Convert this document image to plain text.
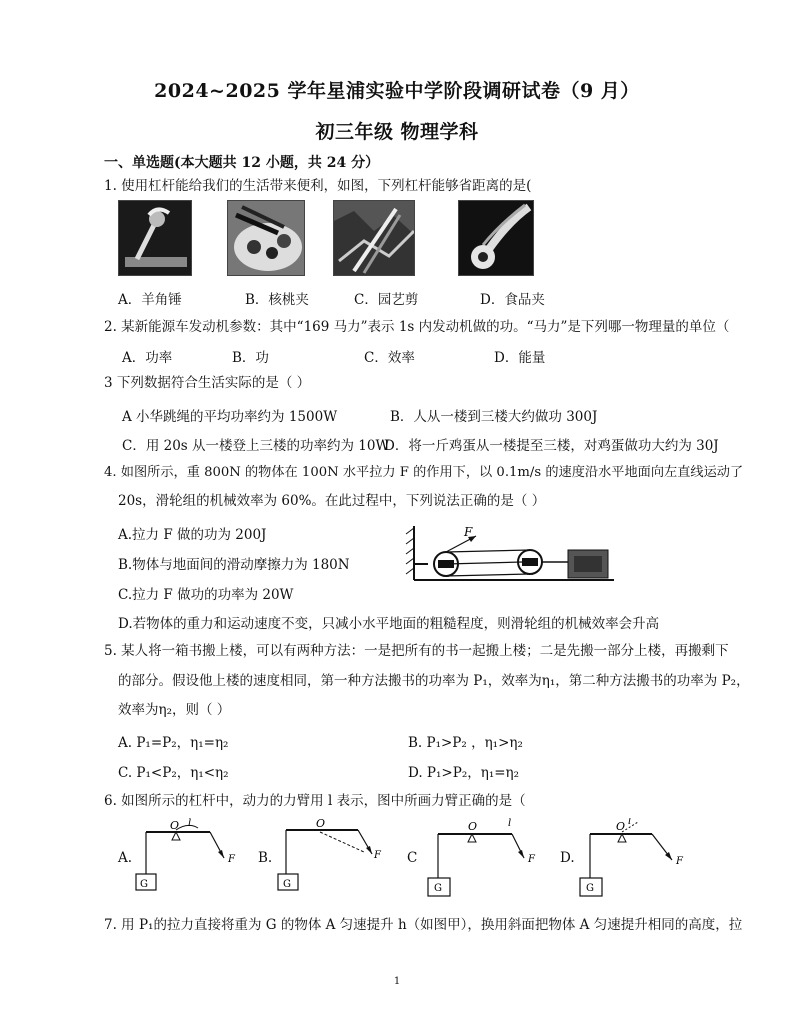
2024~2025 学年星浦实验中学阶段调研试卷（9 月）
初三年级 物理学科
一、单选题(本大题共 12 小题，共 24 分）
1. 使用杠杆能给我们的生活带来便利，如图，下列杠杆能够省距离的是(
A．羊角锤	B．核桃夹	C．园艺剪	D．食品夹
2. 某新能源车发动机参数：其中“169 马力”表示 1s 内发动机做的功。“马力”是下列哪一物理量的单位（
A．功率	B．功	C．效率	D．能量
3 下列数据符合生活实际的是（ ）
A 小华跳绳的平均功率约为 1500W	B．人从一楼到三楼大约做功 300J
C．用 20s 从一楼登上三楼的功率约为 10W
D．将一斤鸡蛋从一楼提至三楼，对鸡蛋做功大约为 30J
4. 如图所示，重 800N 的物体在 100N 水平拉力 F 的作用下，以 0.1m/s 的速度沿水平地面向左直线运动了
20s，滑轮组的机械效率为 60%。在此过程中，下列说法正确的是（ ）
A.拉力 F 做的功为 200J
B.物体与地面间的滑动摩擦力为 180N
C.拉力 F 做功的功率为 20W
D.若物体的重力和运动速度不变，只减小水平地面的粗糙程度，则滑轮组的机械效率会升高
F
5. 某人将一箱书搬上楼，可以有两种方法：一是把所有的书一起搬上楼；二是先搬一部分上楼，再搬剩下
的部分。假设他上楼的速度相同，第一种方法搬书的功率为 P₁，效率为η₁，第二种方法搬书的功率为 P₂，
效率为η₂，则（ ）
A. P₁=P₂，η₁=η₂	B. P₁>P₂ ，η₁>η₂
C. P₁<P₂，η₁<η₂	D. P₁>P₂，η₁=η₂
6. 如图所示的杠杆中，动力的力臂用 l 表示，图中所画力臂正确的是（
G
O
F
l
A.
G
O
F
B.
G
O
F
l
C
G
O
F
l
D.
7. 用 P₁的拉力直接将重为 G 的物体 A 匀速提升 h（如图甲），换用斜面把物体 A 匀速提升相同的高度，拉
1
